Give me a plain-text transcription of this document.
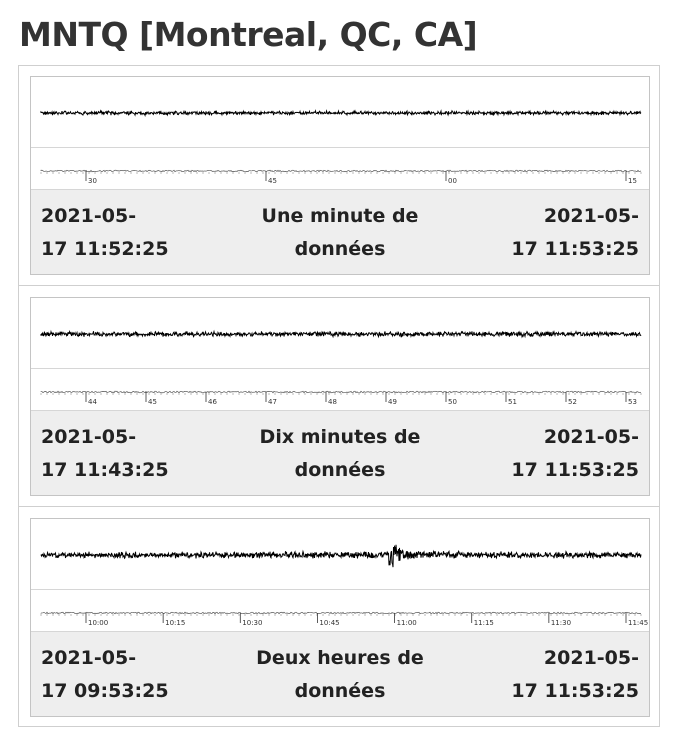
MNTQ [Montreal, QC, CA]
30	45	00	15
2021-05-
17 11:52:25
Une minute de
données
2021-05-
17 11:53:25
44	45	46	47	48	49	50	51	52	53
2021-05-
17 11:43:25
Dix minutes de
données
2021-05-
17 11:53:25
10:00	10:15	10:30	10:45	11:00	11:15	11:30	11:45
2021-05-
17 09:53:25
Deux heures de
données
2021-05-
17 11:53:25
